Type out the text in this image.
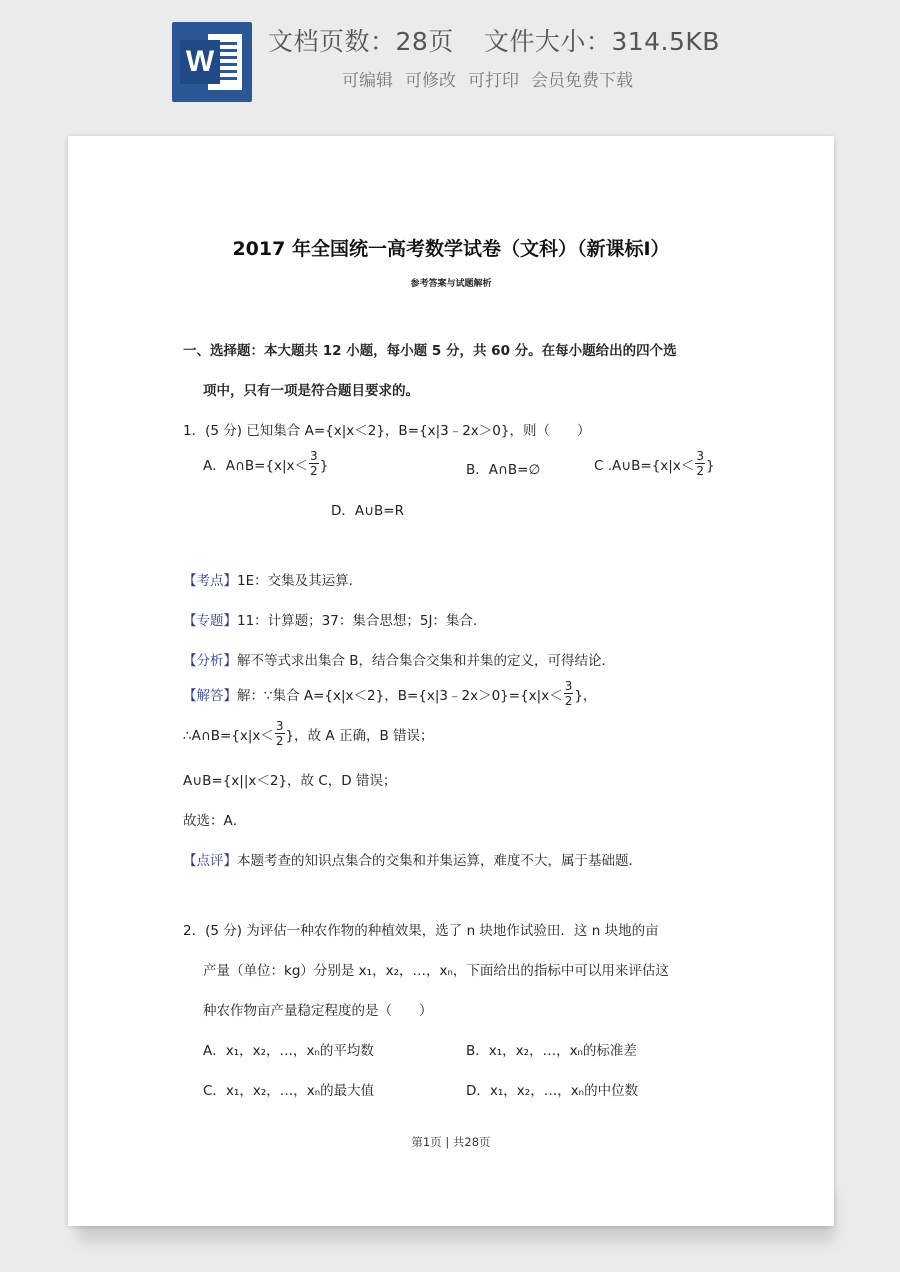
W
文档页数：28页 文件大小：314.5KB
可编辑 可修改 可打印 会员免费下载
2017 年全国统一高考数学试卷（文科）（新课标Ⅰ）
参考答案与试题解析
一、选择题：本大题共 12 小题，每小题 5 分，共 60 分。在每小题给出的四个选
项中，只有一项是符合题目要求的。
1．(5 分) 已知集合 A={x|x＜2}，B={x|3﹣2x＞0}，则（　　）
A．A∩B={x|x＜ $\frac{3}{2}$ }	B．A∩B=∅	C .A∪B={x|x＜ $\frac{3}{2}$ }
D．A∪B=R
【考点】1E：交集及其运算．
【专题】11：计算题；37：集合思想；5J：集合．
【分析】解不等式求出集合 B，结合集合交集和并集的定义，可得结论．
【解答】解：∵集合 A={x|x＜2}，B={x|3﹣2x＞0}={x|x＜ $\frac{3}{2}$ }，
∴A∩B={x|x＜ $\frac{3}{2}$ }，故 A 正确，B 错误；
A∪B={x||x＜2}，故 C，D 错误；
故选：A．
【点评】本题考查的知识点集合的交集和并集运算，难度不大，属于基础题．
2．(5 分) 为评估一种农作物的种植效果，选了 n 块地作试验田．这 n 块地的亩
产量（单位：kg）分别是 x₁，x₂，…，xₙ，下面给出的指标中可以用来评估这
种农作物亩产量稳定程度的是（　　）
A．x₁，x₂，…，xₙ的平均数	B．x₁，x₂，…，xₙ的标准差
C．x₁，x₂，…，xₙ的最大值	D．x₁，x₂，…，xₙ的中位数
第1页 | 共28页
